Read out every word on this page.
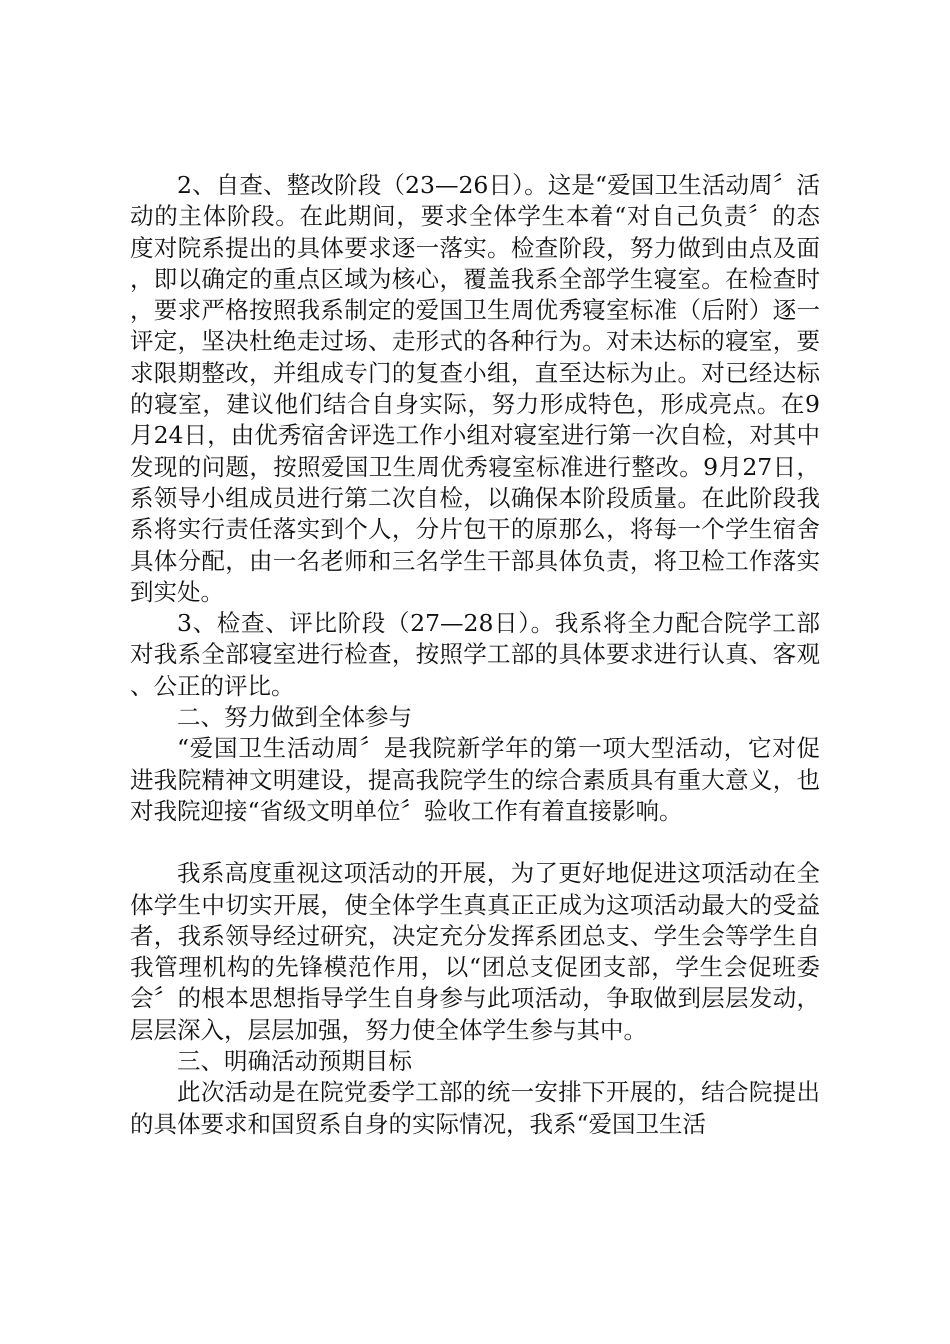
2、自查、整改阶段（23—26日）。这是“爱国卫生活动周〞活动的主体阶段。在此期间，要求全体学生本着“对自己负责〞的态度对院系提出的具体要求逐一落实。检查阶段，努力做到由点及面，即以确定的重点区域为核心，覆盖我系全部学生寝室。在检查时，要求严格按照我系制定的爱国卫生周优秀寝室标准（后附）逐一评定，坚决杜绝走过场、走形式的各种行为。对未达标的寝室，要求限期整改，并组成专门的复查小组，直至达标为止。对已经达标的寝室，建议他们结合自身实际，努力形成特色，形成亮点。在9月24日，由优秀宿舍评选工作小组对寝室进行第一次自检，对其中发现的问题，按照爱国卫生周优秀寝室标准进行整改。9月27日，系领导小组成员进行第二次自检，以确保本阶段质量。在此阶段我系将实行责任落实到个人，分片包干的原那么，将每一个学生宿舍具体分配，由一名老师和三名学生干部具体负责，将卫检工作落实到实处。

3、检查、评比阶段（27—28日）。我系将全力配合院学工部对我系全部寝室进行检查，按照学工部的具体要求进行认真、客观、公正的评比。

二、努力做到全体参与

“爱国卫生活动周〞是我院新学年的第一项大型活动，它对促进我院精神文明建设，提高我院学生的综合素质具有重大意义，也对我院迎接“省级文明单位〞验收工作有着直接影响。

我系高度重视这项活动的开展，为了更好地促进这项活动在全体学生中切实开展，使全体学生真真正正成为这项活动最大的受益者，我系领导经过研究，决定充分发挥系团总支、学生会等学生自我管理机构的先锋模范作用，以“团总支促团支部，学生会促班委会〞的根本思想指导学生自身参与此项活动，争取做到层层发动，层层深入，层层加强，努力使全体学生参与其中。

三、明确活动预期目标

此次活动是在院党委学工部的统一安排下开展的，结合院提出的具体要求和国贸系自身的实际情况，我系“爱国卫生活
